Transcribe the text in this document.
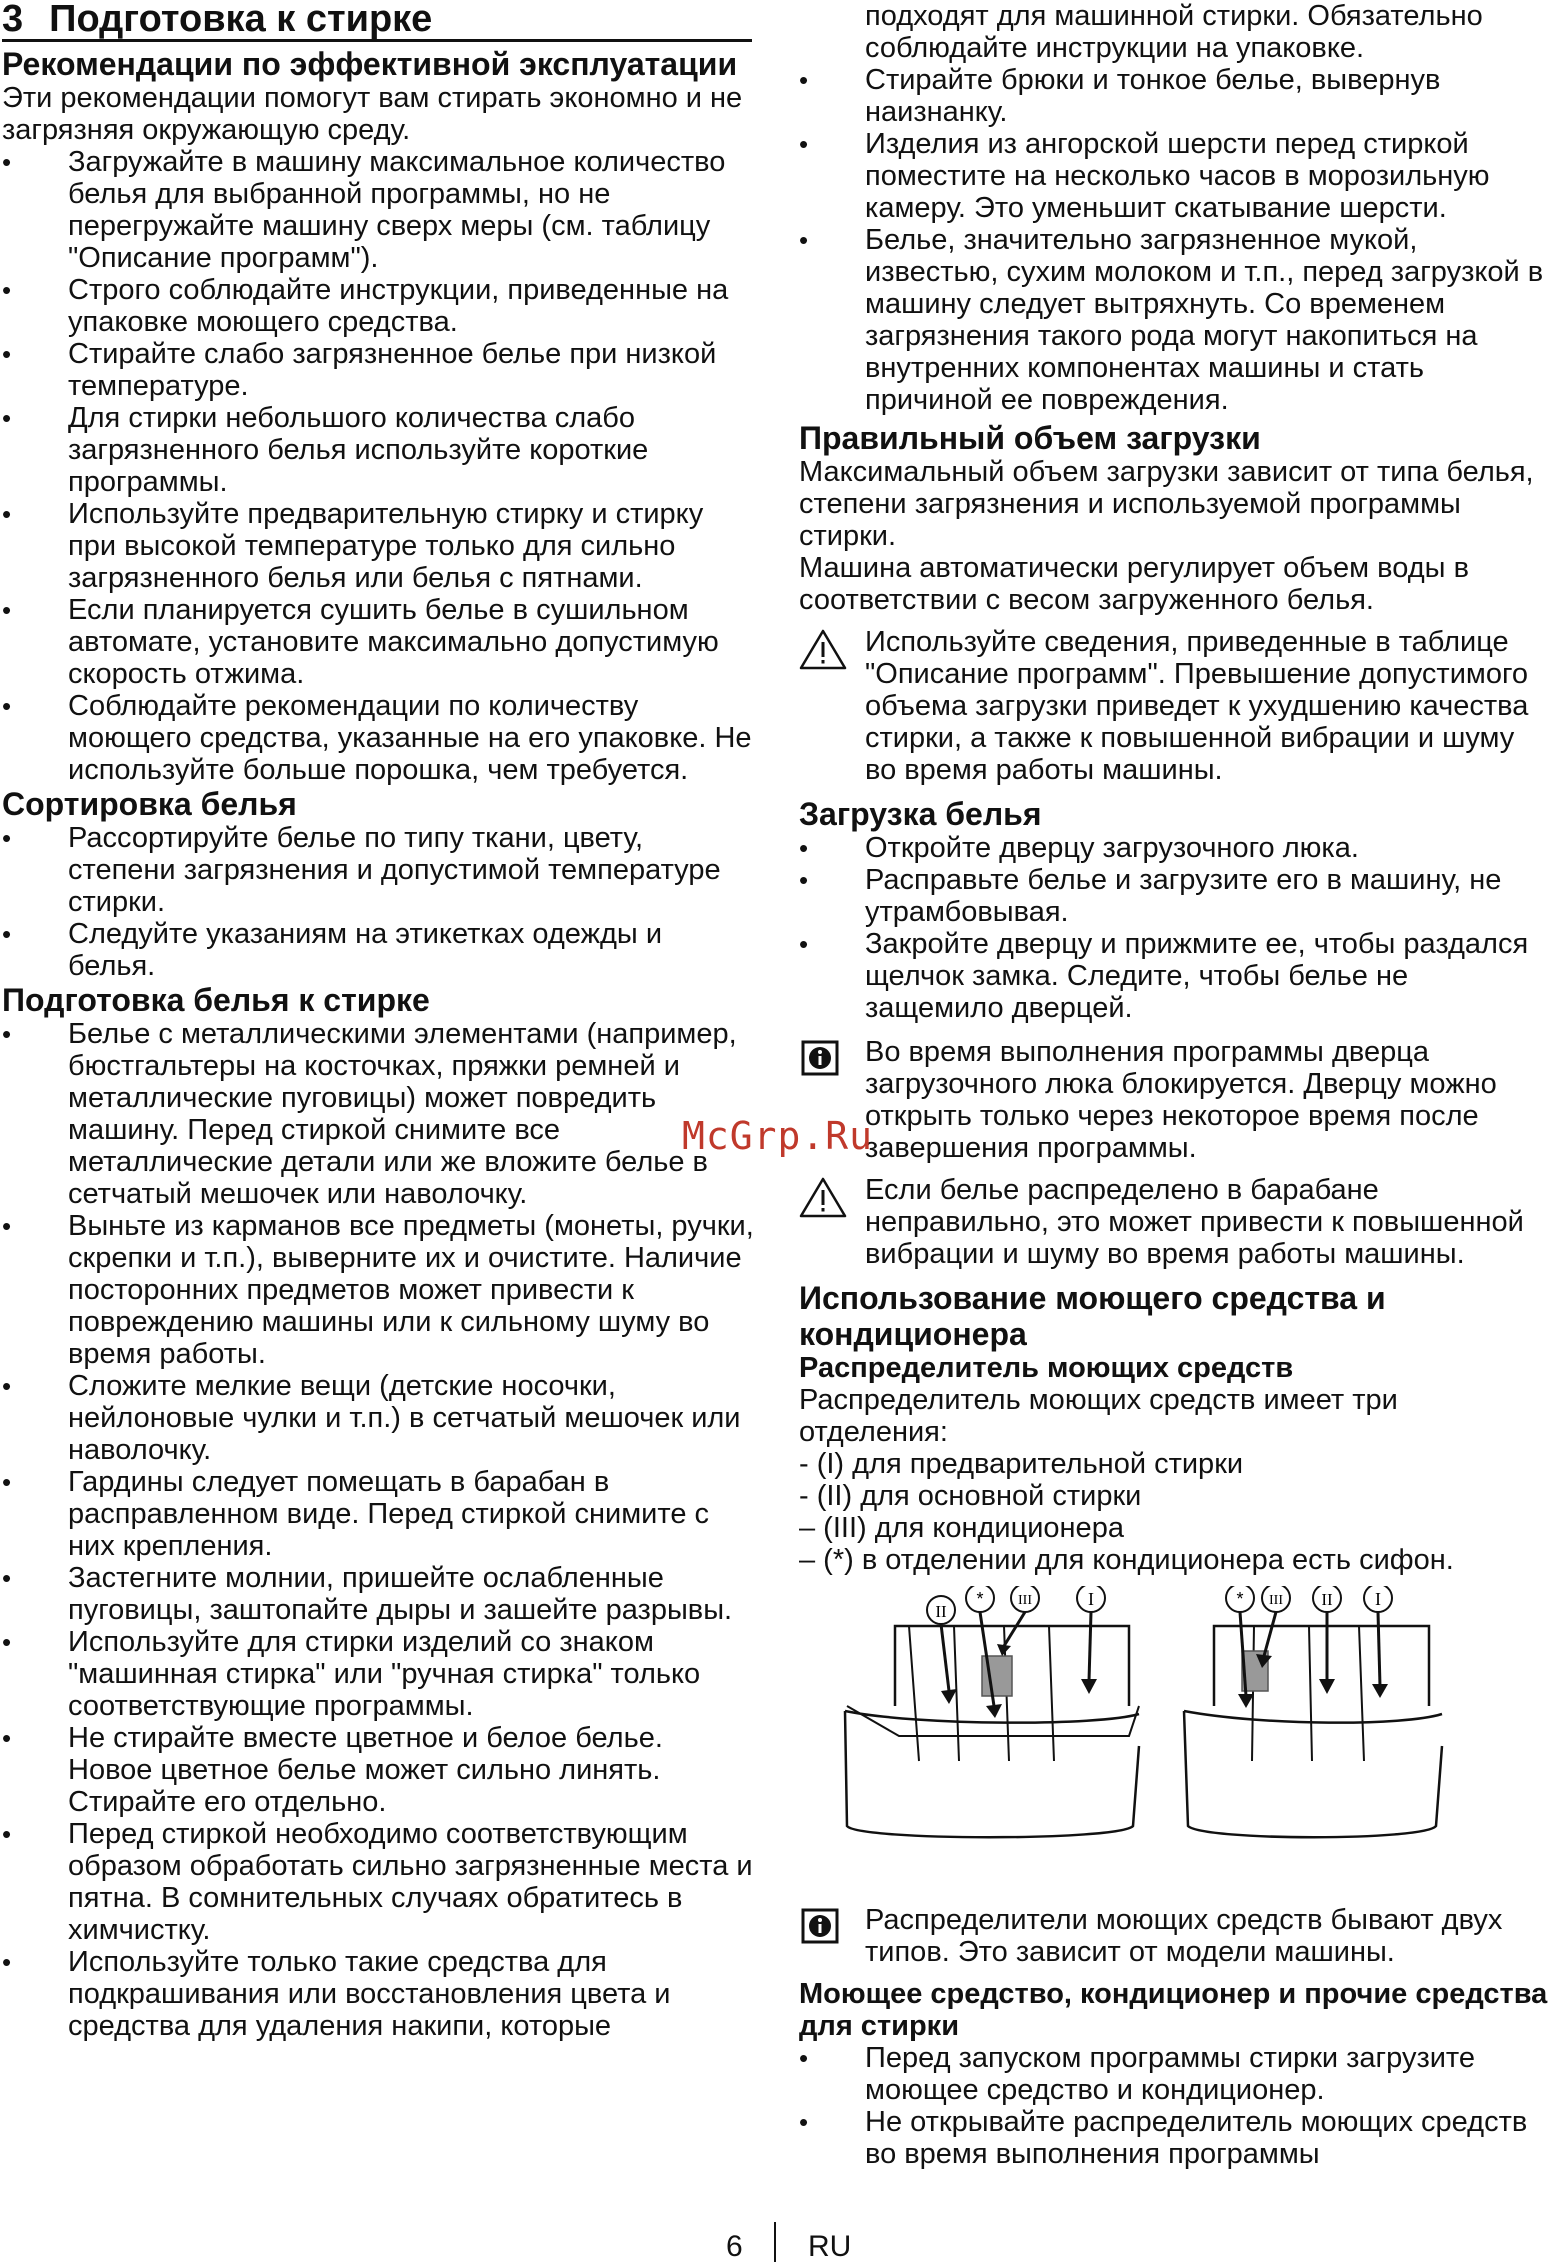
3 Подготовка к стирке
Рекомендации по эффективной эксплуатации

Эти рекомендации помогут вам стирать экономно и не загрязняя окружающую среду.

• Загружайте в машину максимальное количество белья для выбранной программы, но не перегружайте машину сверх меры (см. таблицу "Описание программ").
• Строго соблюдайте инструкции, приведенные на упаковке моющего средства.
• Стирайте слабо загрязненное белье при низкой температуре.
• Для стирки небольшого количества слабо загрязненного белья используйте короткие программы.
• Используйте предварительную стирку и стирку при высокой температуре только для сильно загрязненного белья или белья с пятнами.
• Если планируется сушить белье в сушильном автомате, установите максимально допустимую скорость отжима.
• Соблюдайте рекомендации по количеству моющего средства, указанные на его упаковке. Не используйте больше порошка, чем требуется.
Сортировка белья
• Рассортируйте белье по типу ткани, цвету, степени загрязнения и допустимой температуре стирки.
• Следуйте указаниям на этикетках одежды и белья.
Подготовка белья к стирке
• Белье с металлическими элементами (например, бюстгальтеры на косточках, пряжки ремней и металлические пуговицы) может повредить машину. Перед стиркой снимите все металлические детали или же вложите белье в сетчатый мешочек или наволочку.
• Выньте из карманов все предметы (монеты, ручки, скрепки и т.п.), выверните их и очистите. Наличие посторонних предметов может привести к повреждению машины или к сильному шуму во время работы.
• Сложите мелкие вещи (детские носочки, нейлоновые чулки и т.п.) в сетчатый мешочек или наволочку.
• Гардины следует помещать в барабан в расправленном виде. Перед стиркой снимите с них крепления.
• Застегните молнии, пришейте ослабленные пуговицы, заштопайте дыры и зашейте разрывы.
• Используйте для стирки изделий со знаком "машинная стирка" или "ручная стирка" только соответствующие программы.
• Не стирайте вместе цветное и белое белье. Новое цветное белье может сильно линять. Стирайте его отдельно.
• Перед стиркой необходимо соответствующим образом обработать сильно загрязненные места и пятна. В сомнительных случаях обратитесь в химчистку.
• Используйте только такие средства для подкрашивания или восстановления цвета и средства для удаления накипи, которые
подходят для машинной стирки. Обязательно соблюдайте инструкции на упаковке.
• Стирайте брюки и тонкое белье, вывернув наизнанку.
• Изделия из ангорской шерсти перед стиркой поместите на несколько часов в морозильную камеру. Это уменьшит скатывание шерсти.
• Белье, значительно загрязненное мукой, известью, сухим молоком и т.п., перед загрузкой в машину следует вытряхнуть. Со временем загрязнения такого рода могут накопиться на внутренних компонентах машины и стать причиной ее повреждения.
Правильный объем загрузки

Максимальный объем загрузки зависит от типа белья, степени загрязнения и используемой программы стирки.

Машина автоматически регулирует объем воды в соответствии с весом загруженного белья.

Используйте сведения, приведенные в таблице "Описание программ". Превышение допустимого объема загрузки приведет к ухудшению качества стирки, а также к повышенной вибрации и шуму во время работы машины.
Загрузка белья
• Откройте дверцу загрузочного люка.
• Расправьте белье и загрузите его в машину, не утрамбовывая.
• Закройте дверцу и прижмите ее, чтобы раздался щелчок замка. Следите, чтобы белье не защемило дверцей.
Во время выполнения программы дверца загрузочного люка блокируется. Дверцу можно открыть только через некоторое время после завершения программы.
Если белье распределено в барабане неправильно, это может привести к повышенной вибрации и шуму во время работы машины.
Использование моющего средства и кондиционера
Распределитель моющих средств

Распределитель моющих средств имеет три отделения:

- (I) для предварительной стирки

- (II) для основной стирки

– (III) для кондиционера

– (*) в отделении для кондиционера есть сифон.

II
* III	I	* III II I
Распределители моющих средств бывают двух типов. Это зависит от модели машины.
Моющее средство, кондиционер и прочие средства для стирки
• Перед запуском программы стирки загрузите моющее средство и кондиционер.
• Не открывайте распределитель моющих средств во время выполнения программы
McGrp.Ru
6 RU
